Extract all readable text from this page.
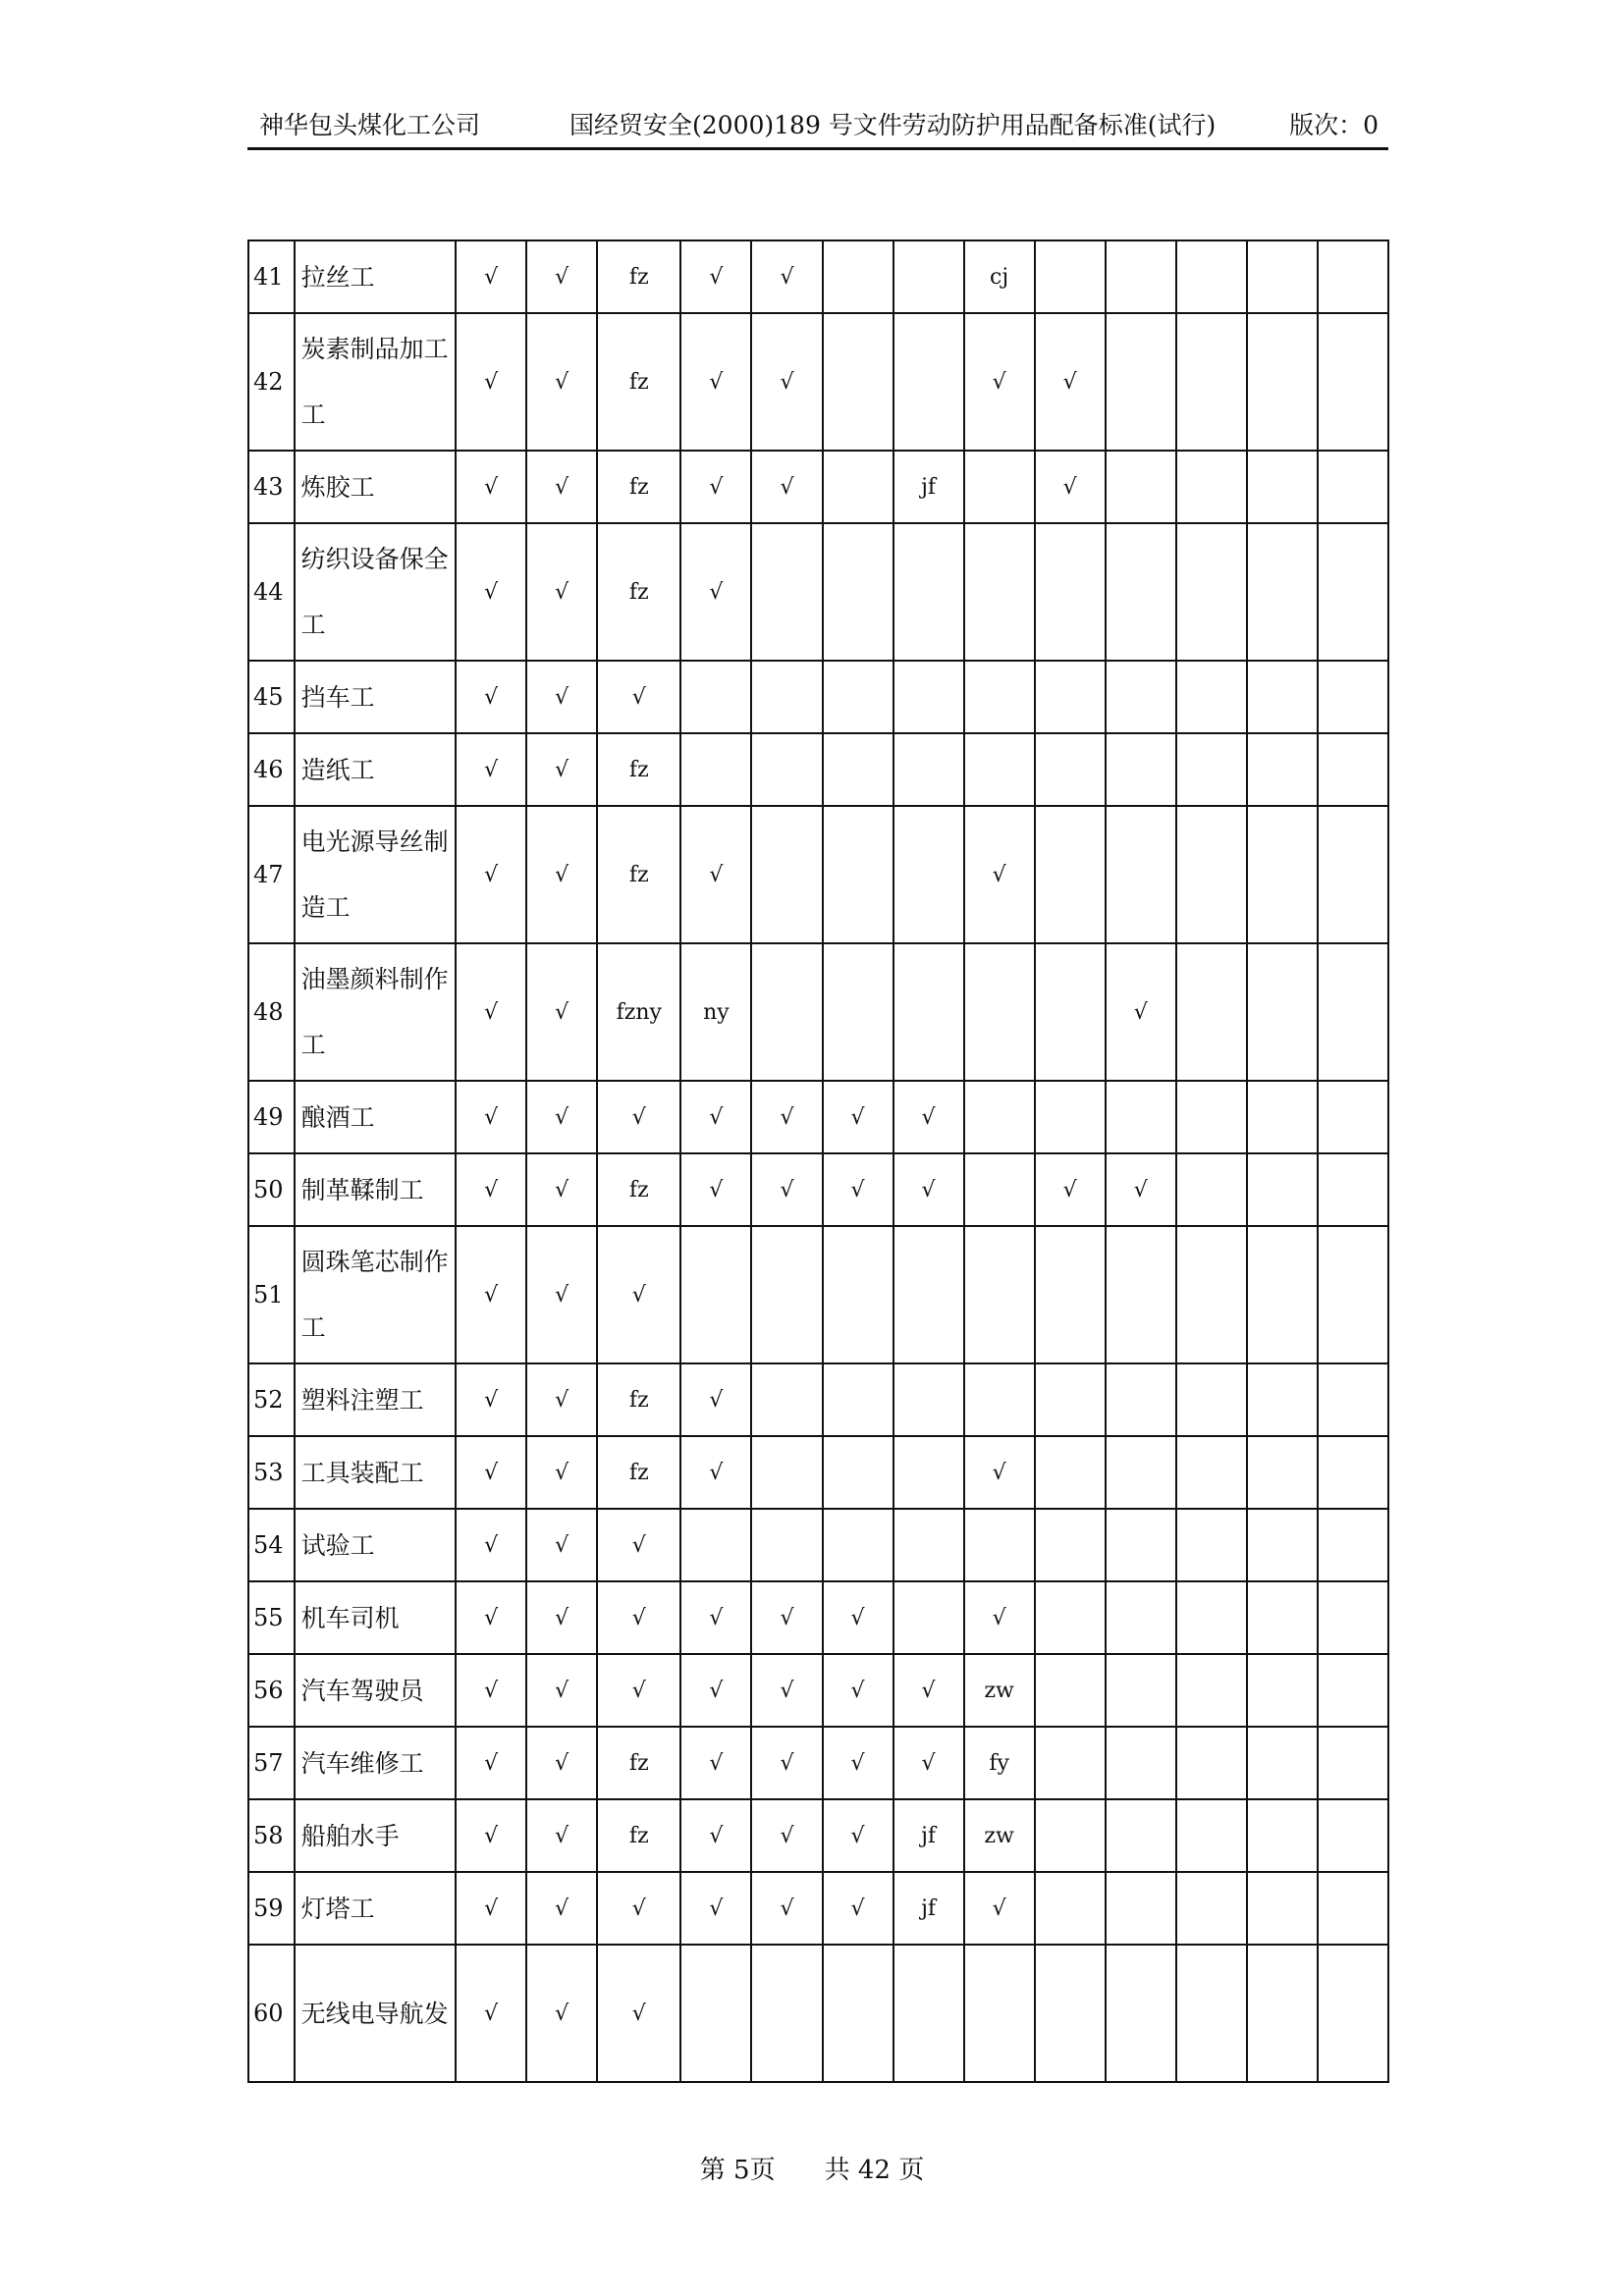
神华包头煤化工公司	国经贸安全(2000)189 号文件劳动防护用品配备标准(试行)	版次：0
41	拉丝工	√	√	fz	√	√			cj					
42	炭素制品加工工	√	√	fz	√	√			√	√				
43	炼胶工	√	√	fz	√	√		jf		√				
44	纺织设备保全工	√	√	fz	√									
45	挡车工	√	√	√										
46	造纸工	√	√	fz										
47	电光源导丝制造工	√	√	fz	√				√					
48	油墨颜料制作工	√	√	fzny	ny						√			
49	酿酒工	√	√	√	√	√	√	√						
50	制革鞣制工	√	√	fz	√	√	√	√		√	√			
51	圆珠笔芯制作工	√	√	√										
52	塑料注塑工	√	√	fz	√									
53	工具装配工	√	√	fz	√				√					
54	试验工	√	√	√										
55	机车司机	√	√	√	√	√	√		√					
56	汽车驾驶员	√	√	√	√	√	√	√	zw					
57	汽车维修工	√	√	fz	√	√	√	√	fy					
58	船舶水手	√	√	fz	√	√	√	jf	zw					
59	灯塔工	√	√	√	√	√	√	jf	√					
60	无线电导航发	√	√	√										
第 5页 共 42 页
